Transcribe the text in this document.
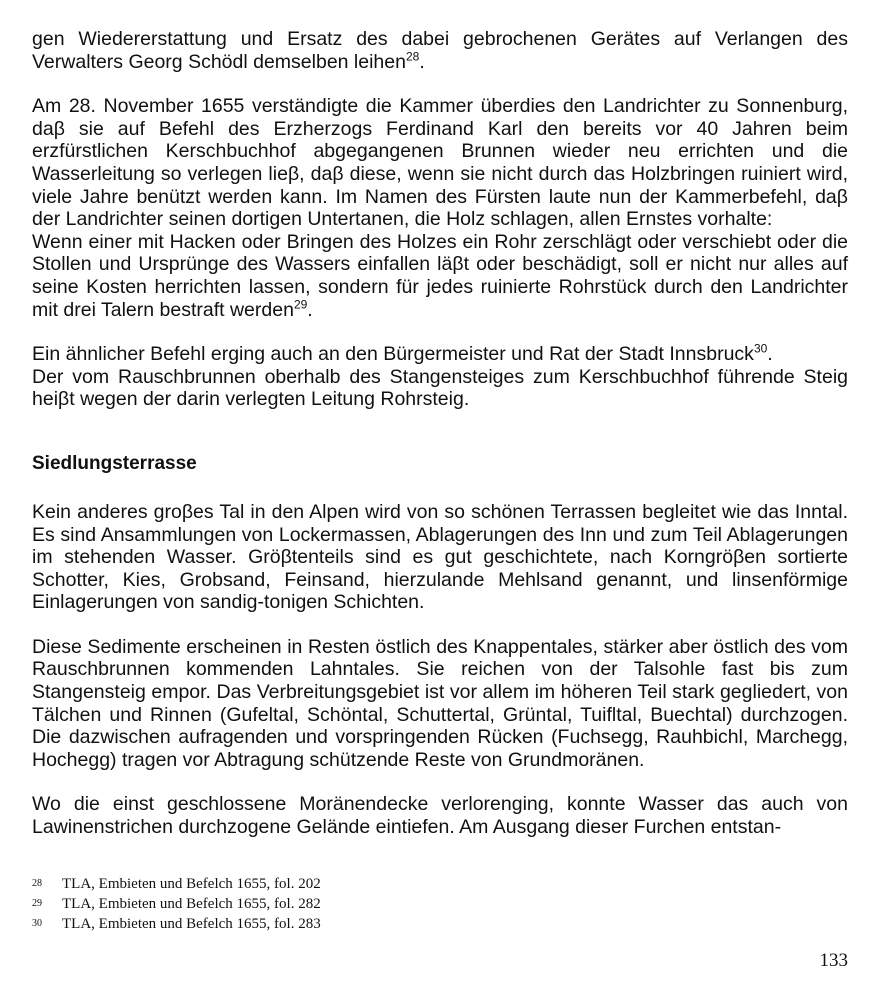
gen Wiedererstattung und Ersatz des dabei gebrochenen Gerätes auf Verlangen des Verwalters Georg Schödl demselben leihen$^{28}$.

Am 28. November 1655 verständigte die Kammer überdies den Landrichter zu Sonnenburg, daβ sie auf Befehl des Erzherzogs Ferdinand Karl den bereits vor 40 Jahren beim erzfürstlichen Kerschbuchhof abgegangenen Brunnen wieder neu errichten und die Wasserleitung so verlegen lieβ, daβ diese, wenn sie nicht durch das Holzbringen ruiniert wird, viele Jahre benützt werden kann. Im Namen des Fürsten laute nun der Kammerbefehl, daβ der Landrichter seinen dortigen Untertanen, die Holz schlagen, allen Ernstes vorhalte:

Wenn einer mit Hacken oder Bringen des Holzes ein Rohr zerschlägt oder verschiebt oder die Stollen und Ursprünge des Wassers einfallen läβt oder beschädigt, soll er nicht nur alles auf seine Kosten herrichten lassen, sondern für jedes ruinierte Rohrstück durch den Landrichter mit drei Talern bestraft werden$^{29}$.

Ein ähnlicher Befehl erging auch an den Bürgermeister und Rat der Stadt Innsbruck$^{30}$.

Der vom Rauschbrunnen oberhalb des Stangensteiges zum Kerschbuchhof führende Steig heiβt wegen der darin verlegten Leitung Rohrsteig.

Siedlungsterrasse

Kein anderes groβes Tal in den Alpen wird von so schönen Terrassen begleitet wie das Inntal. Es sind Ansammlungen von Lockermassen, Ablagerungen des Inn und zum Teil Ablagerungen im stehenden Wasser. Gröβtenteils sind es gut geschichtete, nach Korngröβen sortierte Schotter, Kies, Grobsand, Feinsand, hierzulande Mehlsand genannt, und linsenförmige Einlagerungen von sandig-tonigen Schichten.

Diese Sedimente erscheinen in Resten östlich des Knappentales, stärker aber östlich des vom Rauschbrunnen kommenden Lahntales. Sie reichen von der Talsohle fast bis zum Stangensteig empor. Das Verbreitungsgebiet ist vor allem im höheren Teil stark gegliedert, von Tälchen und Rinnen (Gufeltal, Schöntal, Schuttertal, Grüntal, Tuifltal, Buechtal) durchzogen. Die dazwischen aufragenden und vorspringenden Rücken (Fuchsegg, Rauhbichl, Marchegg, Hochegg) tragen vor Abtragung schützende Reste von Grundmoränen.

Wo die einst geschlossene Moränendecke verlorenging, konnte Wasser das auch von Lawinenstrichen durchzogene Gelände eintiefen. Am Ausgang dieser Furchen entstan-

28	TLA, Embieten und Befelch 1655, fol. 202
29	TLA, Embieten und Befelch 1655, fol. 282
30	TLA, Embieten und Befelch 1655, fol. 283
133
